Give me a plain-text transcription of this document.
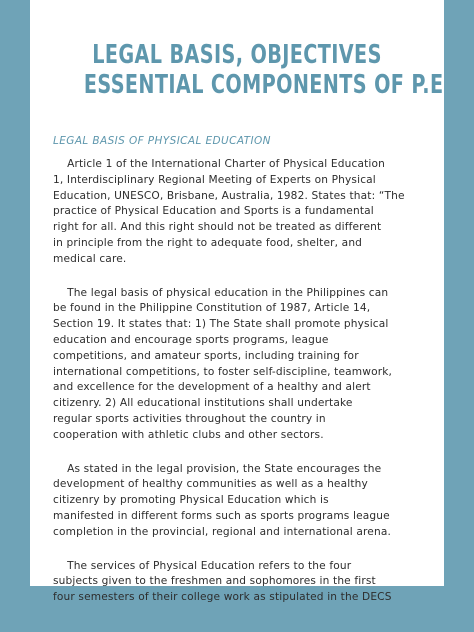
LEGAL BASIS, OBJECTIVES
ESSENTIAL COMPONENTS OF P.E
LEGAL BASIS OF PHYSICAL EDUCATION

Article 1 of the International Charter of Physical Education
1, Interdisciplinary Regional Meeting of Experts on Physical
Education, UNESCO, Brisbane, Australia, 1982. States that: “The
practice of Physical Education and Sports is a fundamental
right for all. And this right should not be treated as different
in principle from the right to adequate food, shelter, and
medical care.

The legal basis of physical education in the Philippines can
be found in the Philippine Constitution of 1987, Article 14,
Section 19. It states that: 1) The State shall promote physical
education and encourage sports programs, league
competitions, and amateur sports, including training for
international competitions, to foster self-discipline, teamwork,
and excellence for the development of a healthy and alert
citizenry. 2) All educational institutions shall undertake
regular sports activities throughout the country in
cooperation with athletic clubs and other sectors.

As stated in the legal provision, the State encourages the
development of healthy communities as well as a healthy
citizenry by promoting Physical Education which is
manifested in different forms such as sports programs league
completion in the provincial, regional and international arena.

The services of Physical Education refers to the four
subjects given to the freshmen and sophomores in the first
four semesters of their college work as stipulated in the DECS
